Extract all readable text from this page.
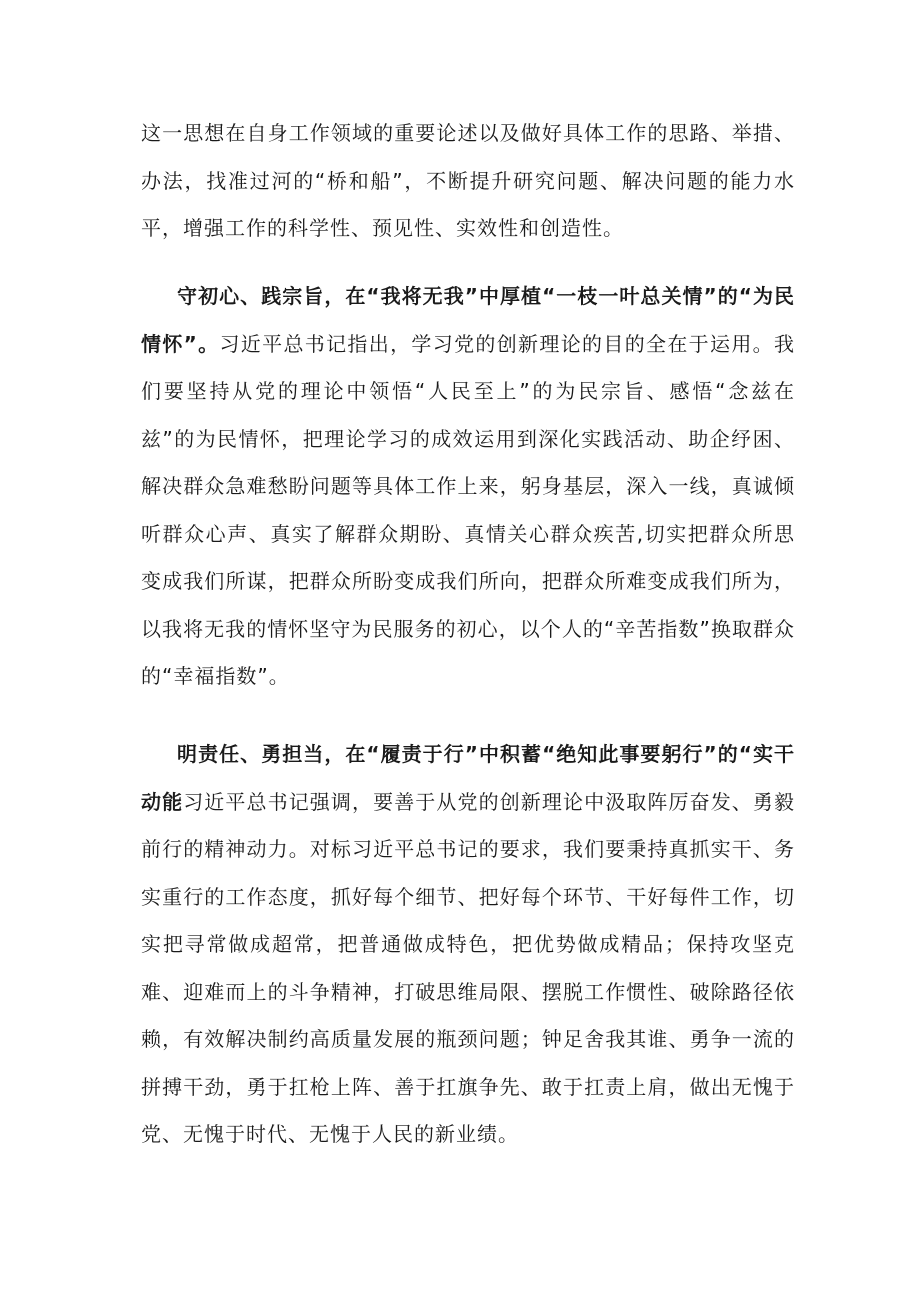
这一思想在自身工作领域的重要论述以及做好具体工作的思路、举措、办法，找准过河的“桥和船”，不断提升研究问题、解决问题的能力水平，增强工作的科学性、预见性、实效性和创造性。

守初心、践宗旨，在“我将无我”中厚植“一枝一叶总关情”的“为民情怀”。习近平总书记指出，学习党的创新理论的目的全在于运用。我们要坚持从党的理论中领悟“人民至上”的为民宗旨、感悟“念兹在兹”的为民情怀，把理论学习的成效运用到深化实践活动、助企纾困、解决群众急难愁盼问题等具体工作上来，躬身基层，深入一线，真诚倾听群众心声、真实了解群众期盼、真情关心群众疾苦,切实把群众所思变成我们所谋，把群众所盼变成我们所向，把群众所难变成我们所为，以我将无我的情怀坚守为民服务的初心，以个人的“辛苦指数”换取群众的“幸福指数”。

明责任、勇担当，在“履责于行”中积蓄“绝知此事要躬行”的“实干动能习近平总书记强调，要善于从党的创新理论中汲取阵厉奋发、勇毅前行的精神动力。对标习近平总书记的要求，我们要秉持真抓实干、务实重行的工作态度，抓好每个细节、把好每个环节、干好每件工作，切实把寻常做成超常，把普通做成特色，把优势做成精品；保持攻坚克难、迎难而上的斗争精神，打破思维局限、摆脱工作惯性、破除路径依赖，有效解决制约高质量发展的瓶颈问题；钟足舍我其谁、勇争一流的拼搏干劲，勇于扛枪上阵、善于扛旗争先、敢于扛责上肩，做出无愧于党、无愧于时代、无愧于人民的新业绩。
